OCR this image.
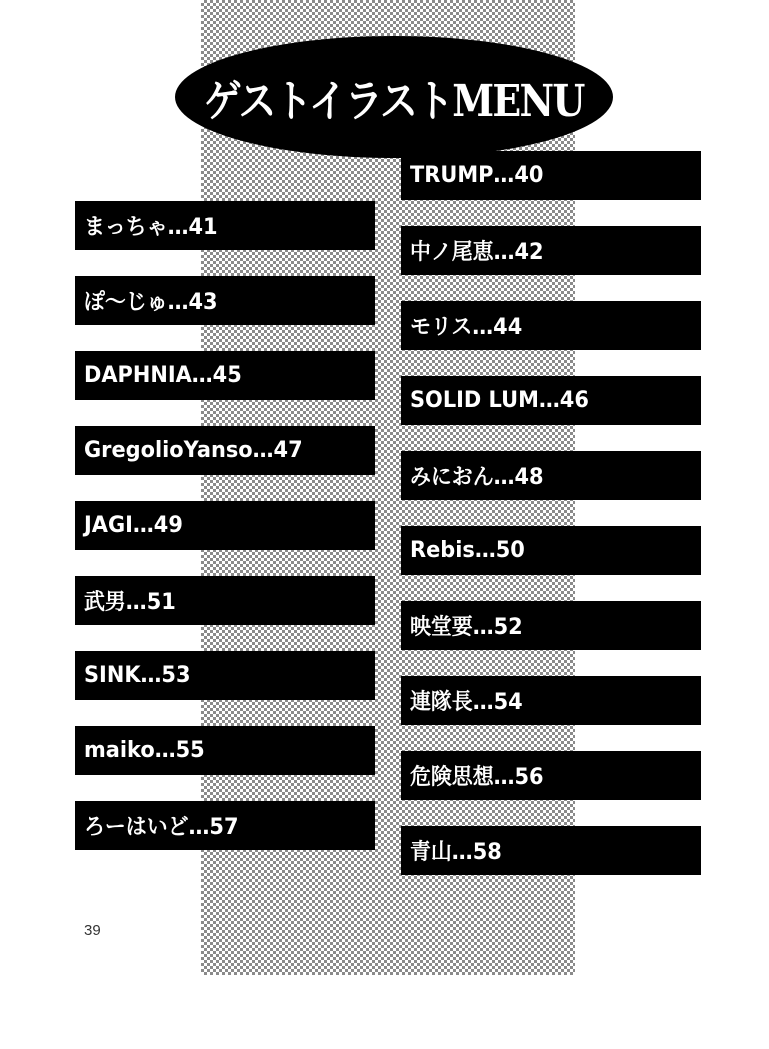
ゲストイラストMENU
まっちゃ…41
ぽ〜じゅ…43
DAPHNIA…45
GregolioYanso…47
JAGI…49
武男…51
SINK…53
maiko…55
ろーはいど…57
TRUMP…40
中ノ尾恵…42
モリス…44
SOLID LUM…46
みにおん…48
Rebis…50
映堂要…52
連隊長…54
危険思想…56
青山…58
39
